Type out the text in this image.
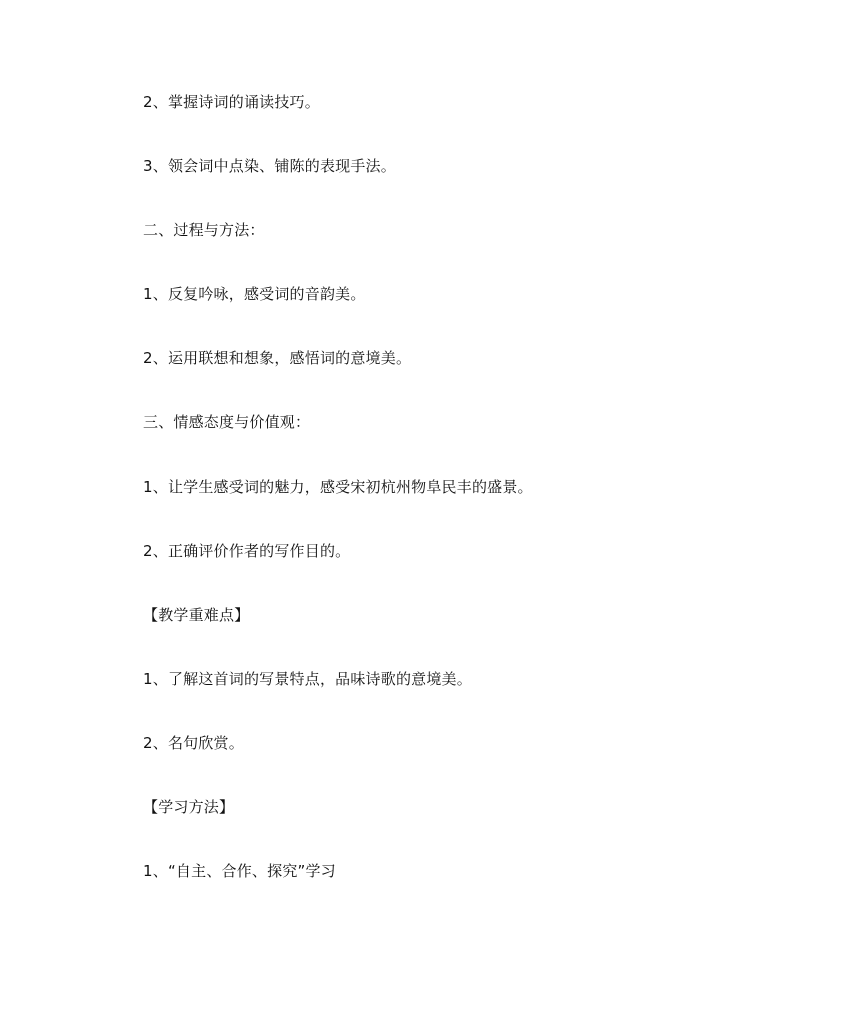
2、掌握诗词的诵读技巧。

3、领会词中点染、铺陈的表现手法。

二、过程与方法：

1、反复吟咏，感受词的音韵美。

2、运用联想和想象，感悟词的意境美。

三、情感态度与价值观：

1、让学生感受词的魅力，感受宋初杭州物阜民丰的盛景。

2、正确评价作者的写作目的。

【教学重难点】

1、了解这首词的写景特点，品味诗歌的意境美。

2、名句欣赏。

【学习方法】

1、“自主、合作、探究”学习
